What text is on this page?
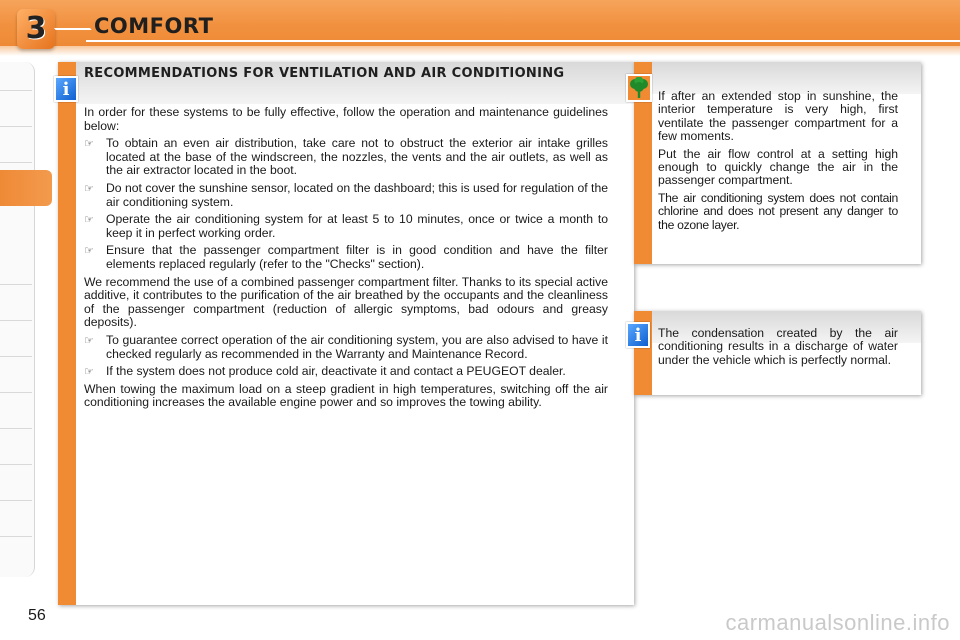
3 COMFORT
RECOMMENDATIONS FOR VENTILATION AND AIR CONDITIONING

In order for these systems to be fully effective, follow the operation and maintenance guidelines below:

☞ To obtain an even air distribution, take care not to obstruct the exterior air intake grilles located at the base of the windscreen, the nozzles, the vents and the air outlets, as well as the air extractor located in the boot.
☞ Do not cover the sunshine sensor, located on the dashboard; this is used for regulation of the air conditioning system.
☞ Operate the air conditioning system for at least 5 to 10 minutes, once or twice a month to keep it in perfect working order.
☞ Ensure that the passenger compartment filter is in good condition and have the filter elements replaced regularly (refer to the "Checks" section).

We recommend the use of a combined passenger compartment filter. Thanks to its special active additive, it contributes to the purification of the air breathed by the occupants and the cleanliness of the passenger compartment (reduction of allergic symptoms, bad odours and greasy deposits).

☞ To guarantee correct operation of the air conditioning system, you are also advised to have it checked regularly as recommended in the Warranty and Maintenance Record.
☞ If the system does not produce cold air, deactivate it and contact a PEUGEOT dealer.

When towing the maximum load on a steep gradient in high temperatures, switching off the air conditioning increases the available engine power and so improves the towing ability.

i	If after an extended stop in sunshine, the interior temperature is very high, first ventilate the passenger compartment for a few moments.

Put the air flow control at a setting high enough to quickly change the air in the passenger compartment.

The air conditioning system does not contain chlorine and does not present any danger to the ozone layer.

The condensation created by the air conditioning results in a discharge of water under the vehicle which is perfectly normal.

i
56	carmanualsonline.info
